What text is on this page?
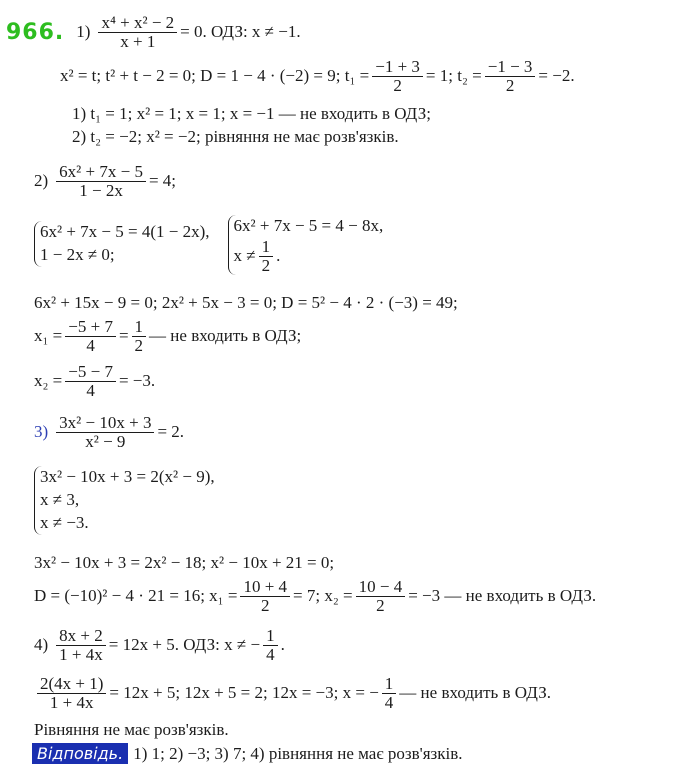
966. $1) \frac{\text{x⁴ + x² − 2}}{x + 1} = 0$. ОДЗ: x ≠ −1.
x² = t; t² + t − 2 = 0; D = 1 − 4 · (−2) = 9; $t_1 = \frac{-1 + 3}{2} = 1$; $t_2 = \frac{-1 - 3}{2} = -2$.
1) t₁ = 1; x² = 1; x = 1; x = −1 — не входить в ОДЗ;
2) t₂ = −2; x² = −2; рівняння не має розв'язків.
$2) \frac{\text{6x² + 7x − 5}}{1 - 2x} = 4$;
6x² + 7x − 5 = 4(1 − 2x),
1 − 2x ≠ 0;
6x² + 7x − 5 = 4 − 8x,
$x \ne \frac{1}{2}$ .
6x² + 15x − 9 = 0; 2x² + 5x − 3 = 0; D = 5² − 4 · 2 · (−3) = 49;
$x_1 = \frac{-5 + 7}{4} = \frac{1}{2}$ — не входить в ОДЗ;
$x_2 = \frac{-5 - 7}{4} = -3$.
$3) \frac{\text{3x² − 10x + 3}}{\text{x² − 9}} = 2$.
3x² − 10x + 3 = 2(x² − 9),
x ≠ 3,
x ≠ −3.
3x² − 10x + 3 = 2x² − 18; x² − 10x + 21 = 0;
D = (−10)² − 4 · 21 = 16; $x_1 = \frac{10 + 4}{2} = 7$; $x_2 = \frac{10 - 4}{2} = -3$ — не входить в ОДЗ.
$4) \frac{8x + 2}{1 + 4x} = 12x + 5$. ОДЗ: x ≠ − $\frac{1}{4}$ .
$\frac{2(4x + 1)}{1 + 4x} = 12x + 5$; 12x + 5 = 2; 12x = −3; x = − $\frac{1}{4}$ — не входить в ОДЗ.
Рівняння не має розв'язків.
Відповідь. 1) 1; 2) −3; 3) 7; 4) рівняння не має розв'язків.
